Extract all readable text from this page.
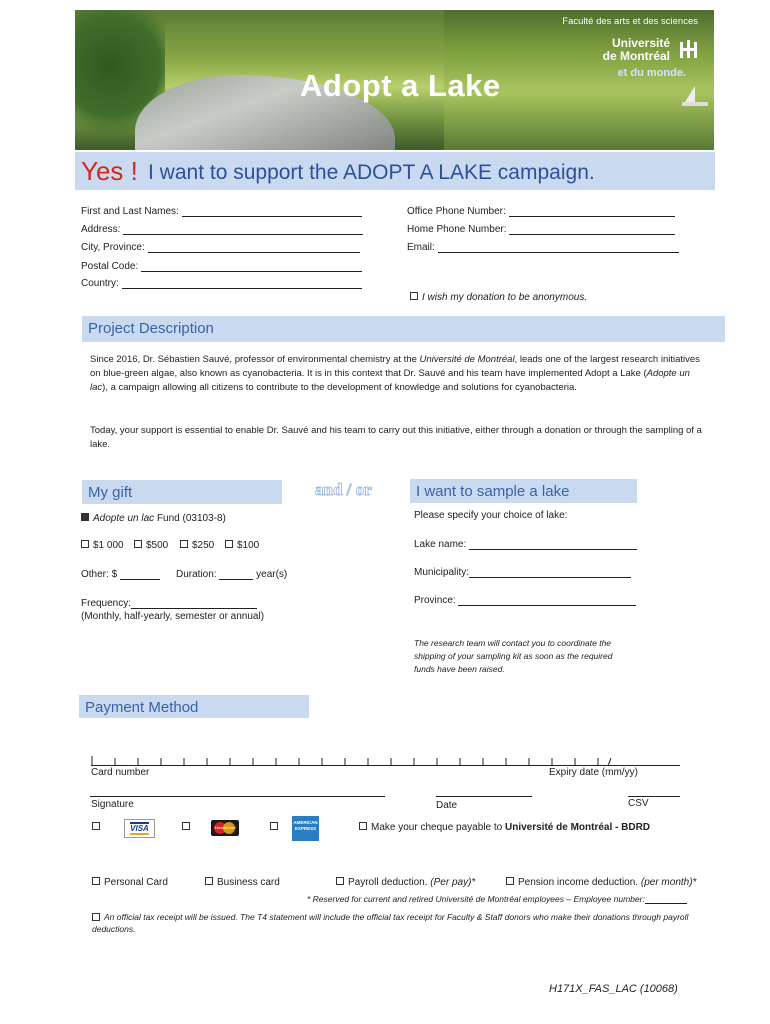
Adopt a Lake
Faculté des arts et des sciences
Université
de Montréal
et du monde.
Yes ! I want to support the ADOPT A LAKE campaign.
First and Last Names:
Address:
City, Province:
Postal Code:
Country:
Office Phone Number:
Home Phone Number:
Email:
I wish my donation to be anonymous.
Project Description
Since 2016, Dr. Sébastien Sauvé, professor of environmental chemistry at the Université de Montréal, leads one of the largest research initiatives on blue-green algae, also known as cyanobacteria. It is in this context that Dr. Sauvé and his team have implemented Adopt a Lake (Adopte un lac), a campaign allowing all citizens to contribute to the development of knowledge and solutions for cyanobacteria.
Today, your support is essential to enable Dr. Sauvé and his team to carry out this initiative, either through a donation or through the sampling of a lake.
My gift	and / or	I want to sample a lake
Adopte un lac Fund (03103-8)
$1 000	$500	$250	$100
Other: $	Duration:	year(s)
Frequency:
(Monthly, half-yearly, semester or annual)
Please specify your choice of lake:
Lake name:
Municipality:
Province:
The research team will contact you to coordinate the shipping of your sampling kit as soon as the required funds have been raised.
Payment Method
Card number	Expiry date (mm/yy)
Signature	Date	CSV
VISA	MasterCard
AMERICAN EXPRESS	Make your cheque payable to Université de Montréal - BDRD
Personal Card	Business card	Payroll deduction. (Per pay)*	Pension income deduction. (per month)*
* Reserved for current and retired Université de Montréal employees – Employee number:
An official tax receipt will be issued. The T4 statement will include the official tax receipt for Faculty & Staff donors who make their donations through payroll deductions.
H171X_FAS_LAC (10068)
